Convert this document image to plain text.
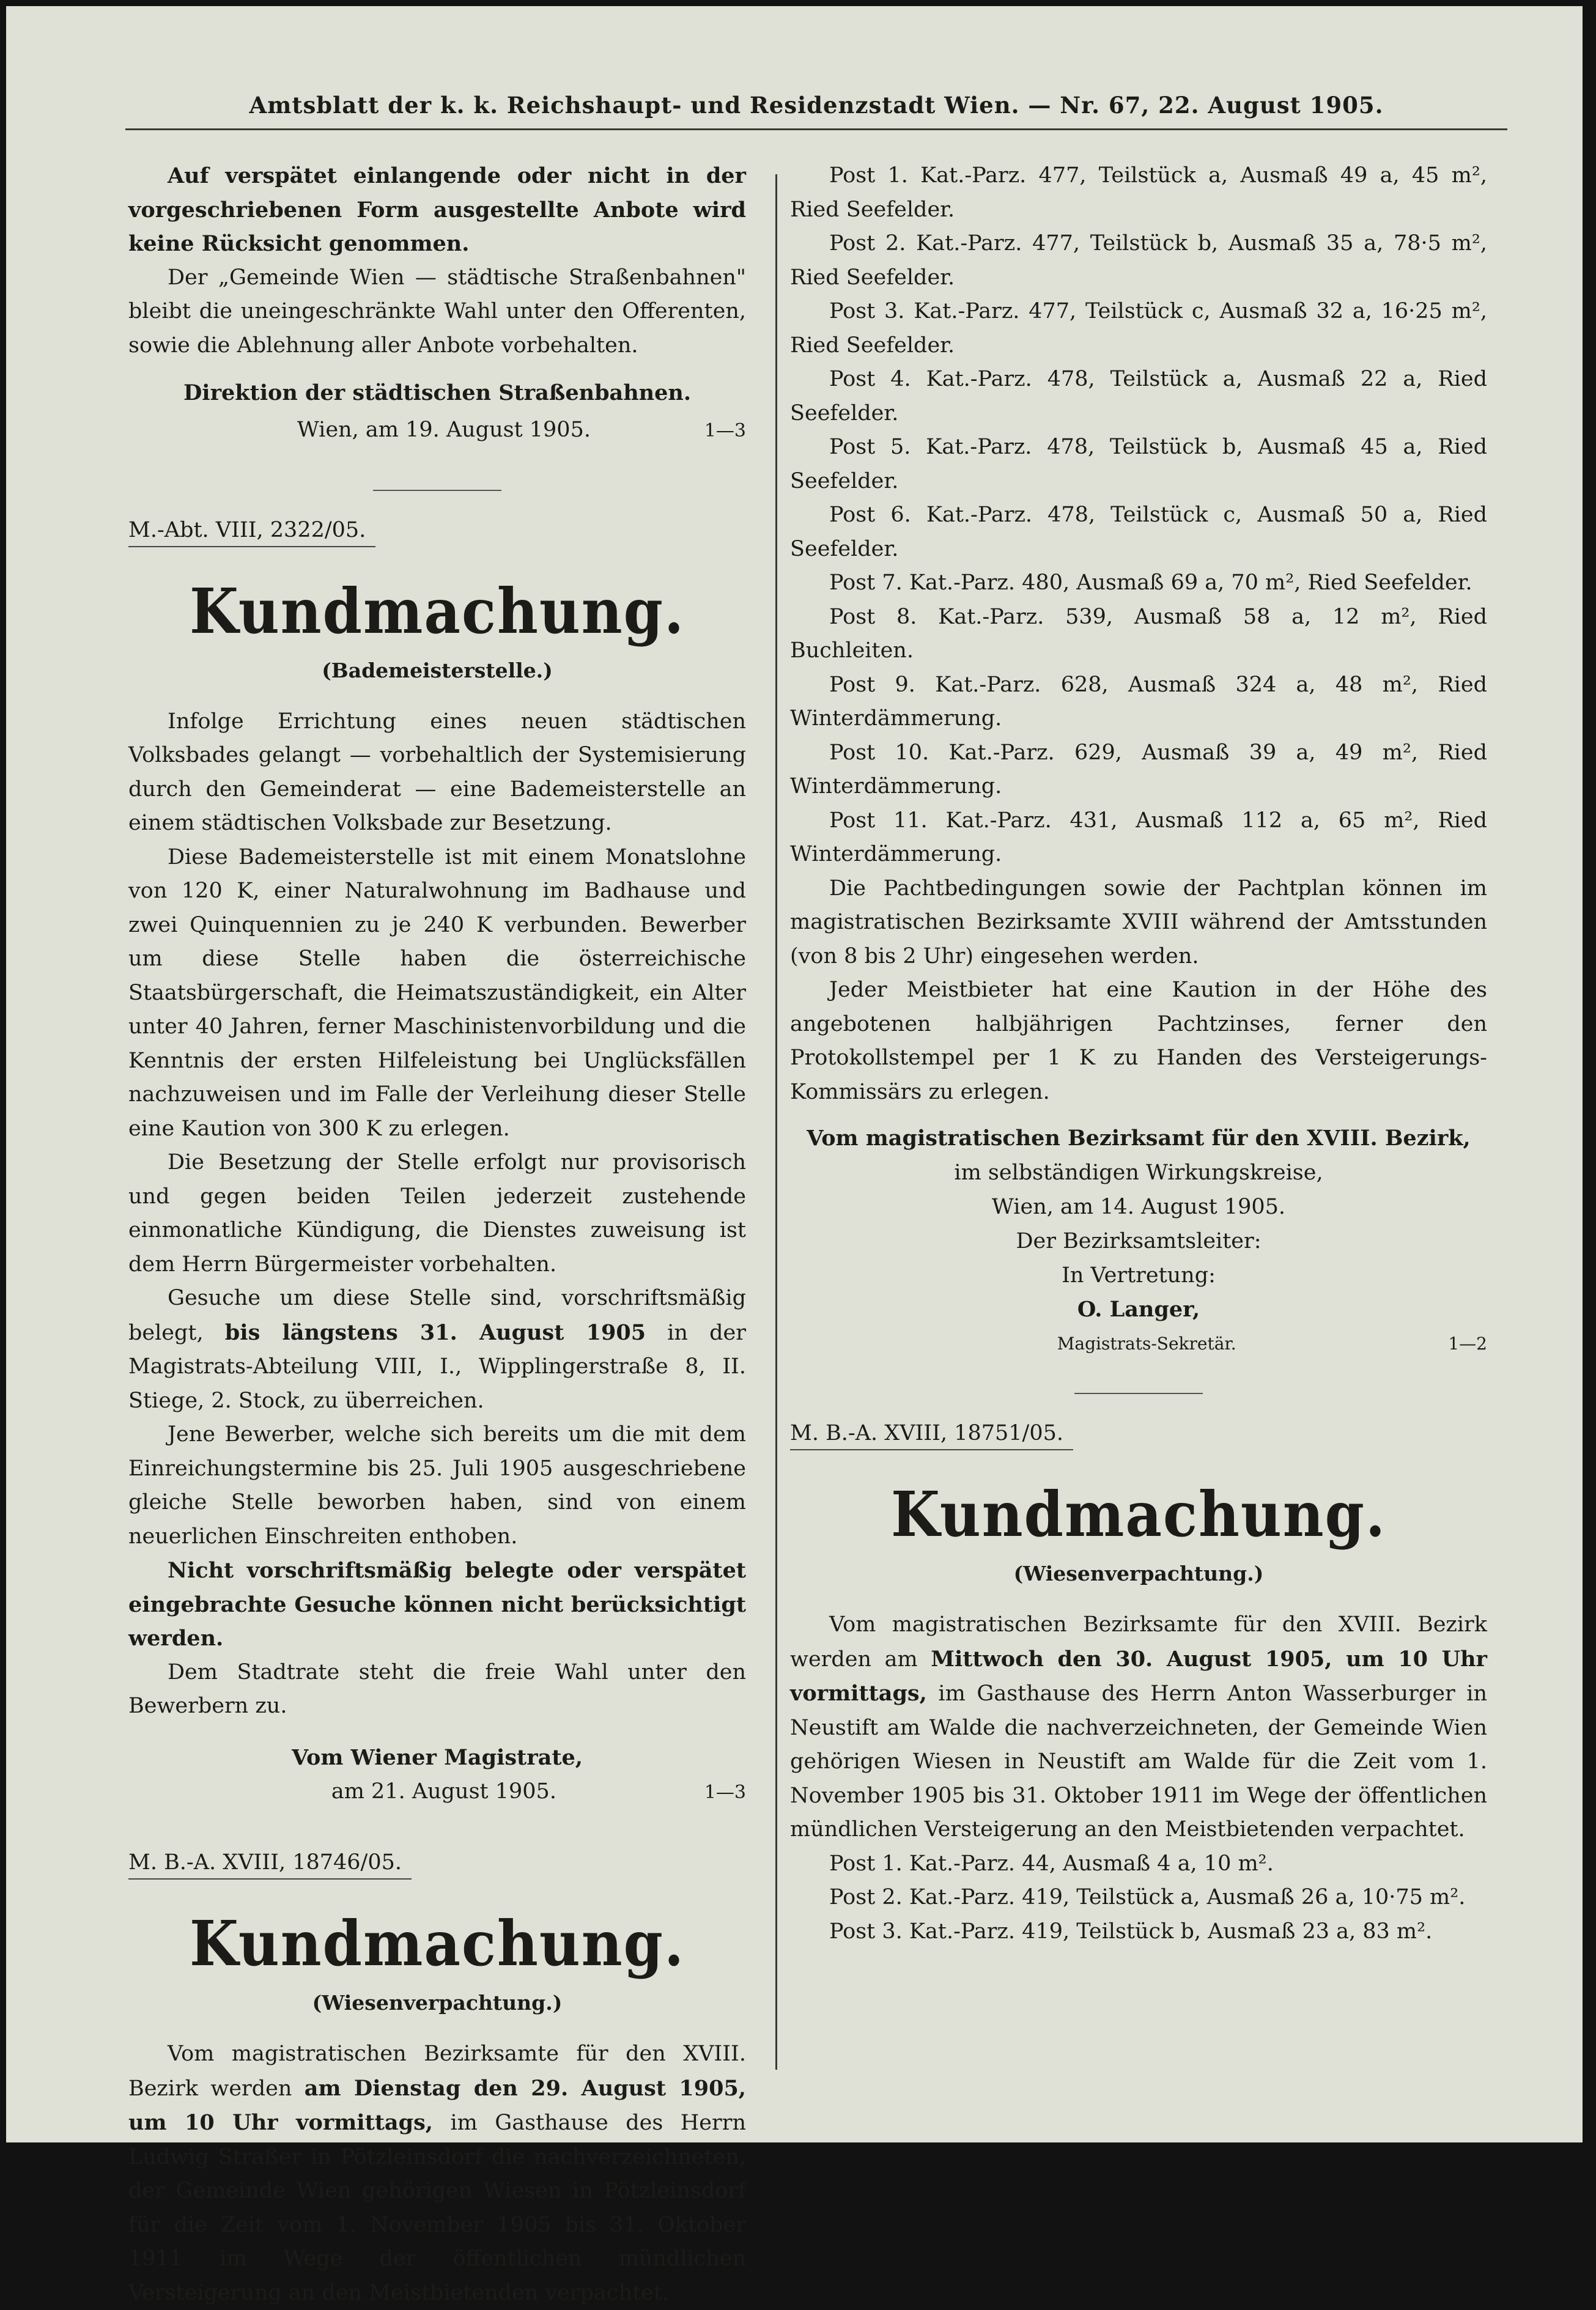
Amtsblatt der k. k. Reichshaupt- und Residenzstadt Wien. — Nr. 67, 22. August 1905.

Auf verspätet einlangende oder nicht in der vorgeschriebenen Form ausgestellte Anbote wird keine Rücksicht genommen.

Der „Gemeinde Wien — städtische Straßenbahnen" bleibt die uneingeschränkte Wahl unter den Offerenten, sowie die Ablehnung aller Anbote vorbehalten.

Direktion der städtischen Straßenbahnen.

Wien, am 19. August 1905.	1—3
M.-Abt. VIII, 2322/05.
Kundmachung.
(Bademeisterstelle.)

Infolge Errichtung eines neuen städtischen Volksbades gelangt — vorbehaltlich der Systemisierung durch den Gemeinderat — eine Bademeisterstelle an einem städtischen Volksbade zur Besetzung.

Diese Bademeisterstelle ist mit einem Monatslohne von 120 K, einer Naturalwohnung im Badhause und zwei Quinquennien zu je 240 K verbunden. Bewerber um diese Stelle haben die österreichische Staatsbürgerschaft, die Heimatszuständigkeit, ein Alter unter 40 Jahren, ferner Maschinistenvorbildung und die Kenntnis der ersten Hilfeleistung bei Unglücksfällen nachzuweisen und im Falle der Verleihung dieser Stelle eine Kaution von 300 K zu erlegen.

Die Besetzung der Stelle erfolgt nur provisorisch und gegen beiden Teilen jederzeit zustehende einmonatliche Kündigung, die Dienstes zuweisung ist dem Herrn Bürgermeister vorbehalten.

Gesuche um diese Stelle sind, vorschriftsmäßig belegt, bis längstens 31. August 1905 in der Magistrats-Abteilung VIII, I., Wipplingerstraße 8, II. Stiege, 2. Stock, zu überreichen.

Jene Bewerber, welche sich bereits um die mit dem Einreichungstermine bis 25. Juli 1905 ausgeschriebene gleiche Stelle beworben haben, sind von einem neuerlichen Einschreiten enthoben.

Nicht vorschriftsmäßig belegte oder verspätet eingebrachte Gesuche können nicht berücksichtigt werden.

Dem Stadtrate steht die freie Wahl unter den Bewerbern zu.

Vom Wiener Magistrate,

am 21. August 1905.	1—3
M. B.-A. XVIII, 18746/05.
Kundmachung.
(Wiesenverpachtung.)

Vom magistratischen Bezirksamte für den XVIII. Bezirk werden am Dienstag den 29. August 1905, um 10 Uhr vormittags, im Gasthause des Herrn Ludwig Straßer in Pötzleinsdorf die nachverzeichneten, der Gemeinde Wien gehörigen Wiesen in Pötzleinsdorf für die Zeit vom 1. November 1905 bis 31. Oktober 1911 im Wege der öffentlichen mündlichen Versteigerung an den Meistbietenden verpachtet.

Post 1. Kat.-Parz. 477, Teilstück a, Ausmaß 49 a, 45 m², Ried Seefelder.

Post 2. Kat.-Parz. 477, Teilstück b, Ausmaß 35 a, 78·5 m², Ried Seefelder.

Post 3. Kat.-Parz. 477, Teilstück c, Ausmaß 32 a, 16·25 m², Ried Seefelder.

Post 4. Kat.-Parz. 478, Teilstück a, Ausmaß 22 a, Ried Seefelder.

Post 5. Kat.-Parz. 478, Teilstück b, Ausmaß 45 a, Ried Seefelder.

Post 6. Kat.-Parz. 478, Teilstück c, Ausmaß 50 a, Ried Seefelder.

Post 7. Kat.-Parz. 480, Ausmaß 69 a, 70 m², Ried Seefelder.

Post 8. Kat.-Parz. 539, Ausmaß 58 a, 12 m², Ried Buchleiten.

Post 9. Kat.-Parz. 628, Ausmaß 324 a, 48 m², Ried Winterdämmerung.

Post 10. Kat.-Parz. 629, Ausmaß 39 a, 49 m², Ried Winterdämmerung.

Post 11. Kat.-Parz. 431, Ausmaß 112 a, 65 m², Ried Winterdämmerung.

Die Pachtbedingungen sowie der Pachtplan können im magistratischen Bezirksamte XVIII während der Amtsstunden (von 8 bis 2 Uhr) eingesehen werden.

Jeder Meistbieter hat eine Kaution in der Höhe des angebotenen halbjährigen Pachtzinses, ferner den Protokollstempel per 1 K zu Handen des Versteigerungs-Kommissärs zu erlegen.

Vom magistratischen Bezirksamt für den XVIII. Bezirk,
im selbständigen Wirkungskreise,
Wien, am 14. August 1905.
Der Bezirksamtsleiter:
In Vertretung:
O. Langer,
Magistrats-Sekretär.	1—2
M. B.-A. XVIII, 18751/05.
Kundmachung.
(Wiesenverpachtung.)

Vom magistratischen Bezirksamte für den XVIII. Bezirk werden am Mittwoch den 30. August 1905, um 10 Uhr vormittags, im Gasthause des Herrn Anton Wasserburger in Neustift am Walde die nachverzeichneten, der Gemeinde Wien gehörigen Wiesen in Neustift am Walde für die Zeit vom 1. November 1905 bis 31. Oktober 1911 im Wege der öffentlichen mündlichen Versteigerung an den Meistbietenden verpachtet.

Post 1. Kat.-Parz. 44, Ausmaß 4 a, 10 m².

Post 2. Kat.-Parz. 419, Teilstück a, Ausmaß 26 a, 10·75 m².

Post 3. Kat.-Parz. 419, Teilstück b, Ausmaß 23 a, 83 m².
